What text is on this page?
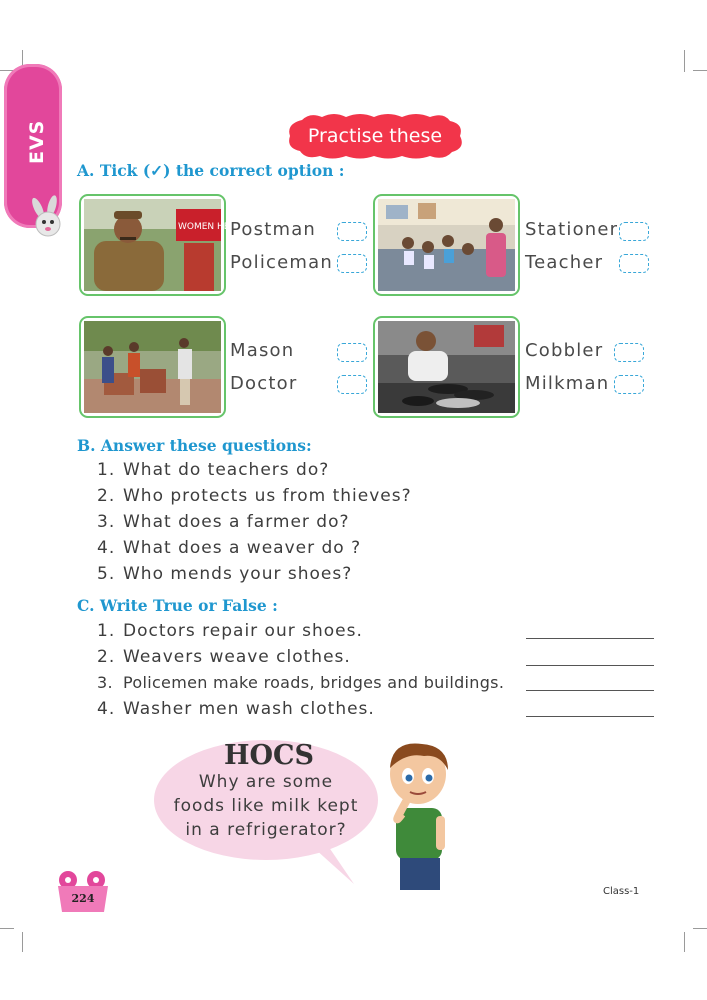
EVS	Practise these
A. Tick (✓) the correct option :
WOMEN HE Postman
Policeman
Stationer
Teacher
Mason
Doctor
Cobbler
Milkman
B. Answer these questions:
1. What do teachers do?
2. Who protects us from thieves?
3. What does a farmer do?
4. What does a weaver do ?
5. Who mends your shoes?
C. Write True or False :
1. Doctors repair our shoes.
2. Weavers weave clothes.
3. Policemen make roads, bridges and buildings.
4. Washer men wash clothes.
HOCS
Why are some
foods like milk kept
in a refrigerator?
224
Class-1
